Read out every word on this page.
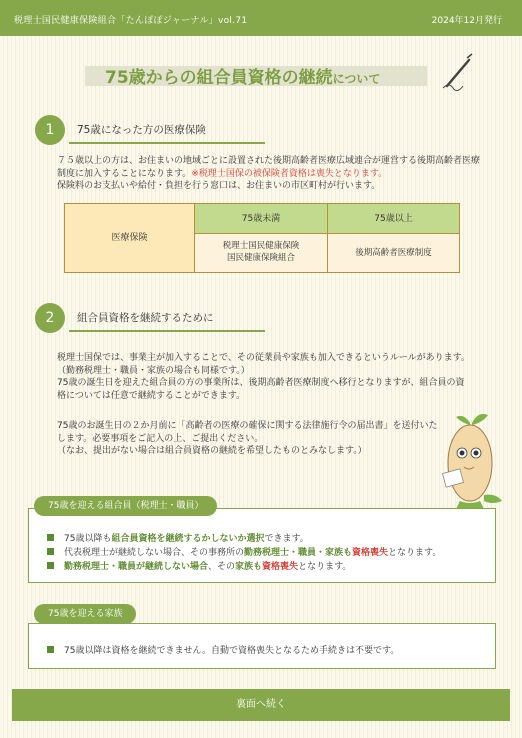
税理士国民健康保険組合「たんぽぽジャーナル」vol.71	2024年12月発行
75歳からの組合員資格の継続について
1	75歳になった方の医療保険
７５歳以上の方は、お住まいの地域ごとに設置された後期高齢者医療広域連合が運営する後期高齢者医療制度に加入することになります。※税理士国保の被保険者資格は喪失となります。
保険料のお支払いや給付・負担を行う窓口は、お住まいの市区町村が行います。
医療保険
75歳未満	75歳以上
税理士国民健康保険
国民健康保険組合	後期高齢者医療制度
2	組合員資格を継続するために
税理士国保では、事業主が加入することで、その従業員や家族も加入できるというルールがあります。（勤務税理士・職員・家族の場合も同様です。）
75歳の誕生日を迎えた組合員の方の事業所は、後期高齢者医療制度へ移行となりますが、組合員の資格については任意で継続することができます。
75歳のお誕生日の２か月前に「高齢者の医療の確保に関する法律施行令の届出書」を送付いたします。必要事項をご記入の上、ご提出ください。
（なお、提出がない場合は組合員資格の継続を希望したものとみなします。）
75歳以降も組合員資格を継続するかしないか選択できます。
代表税理士が継続しない場合、その事務所の勤務税理士・職員・家族も資格喪失となります。
勤務税理士・職員が継続しない場合、その家族も資格喪失となります。
75歳を迎える組合員（税理士・職員）
75歳以降は資格を継続できません。自動で資格喪失となるため手続きは不要です。
75歳を迎える家族
裏面へ続く
